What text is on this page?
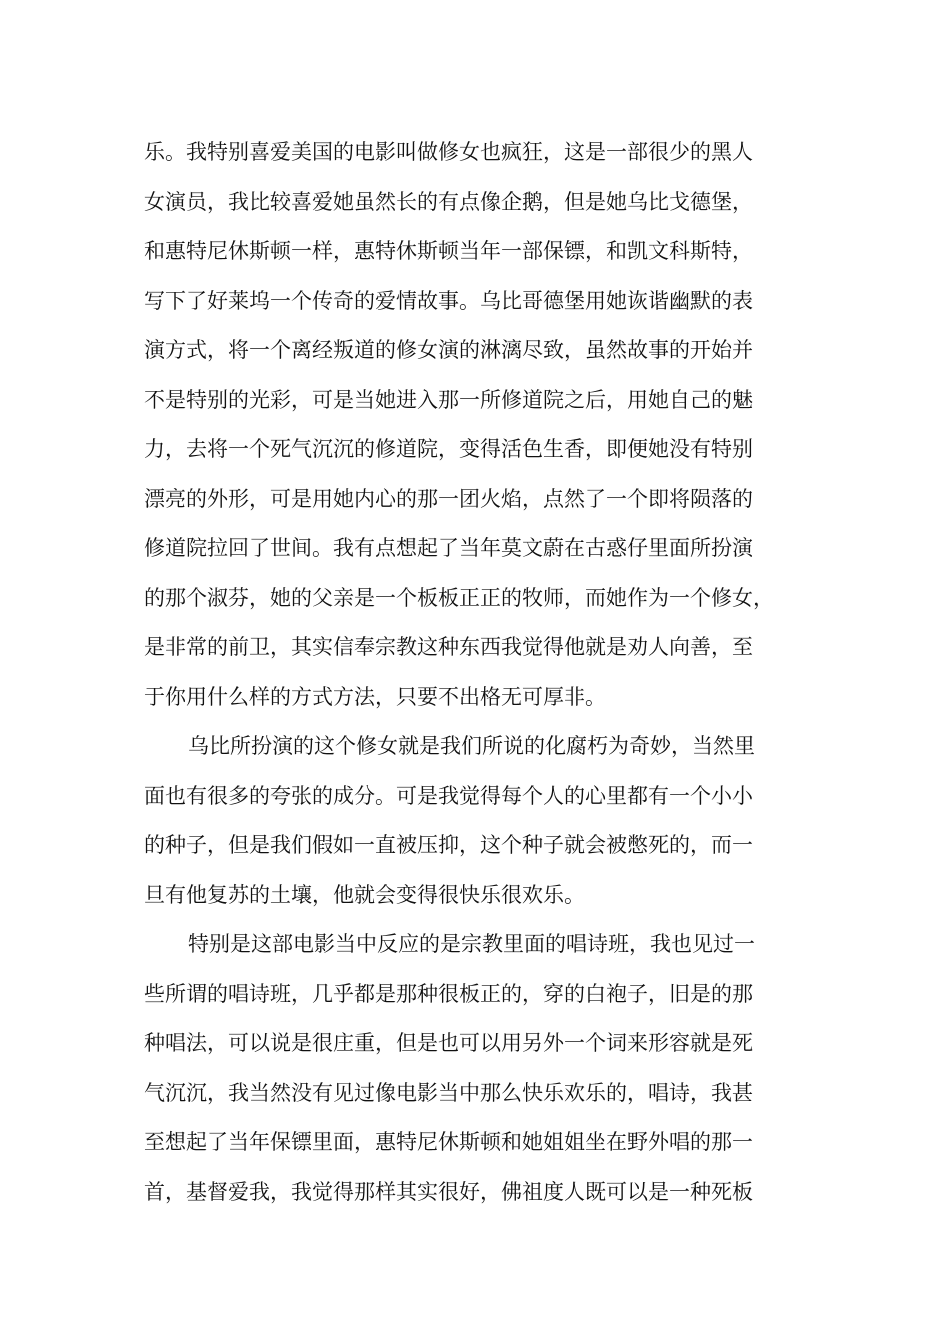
乐。我特别喜爱美国的电影叫做修女也疯狂，这是一部很少的黑人
女演员，我比较喜爱她虽然长的有点像企鹅，但是她乌比戈德堡，
和惠特尼休斯顿一样，惠特休斯顿当年一部保镖，和凯文科斯特，
写下了好莱坞一个传奇的爱情故事。乌比哥德堡用她诙谐幽默的表
演方式，将一个离经叛道的修女演的淋漓尽致，虽然故事的开始并
不是特别的光彩，可是当她进入那一所修道院之后，用她自己的魅
力，去将一个死气沉沉的修道院，变得活色生香，即便她没有特别
漂亮的外形，可是用她内心的那一团火焰，点然了一个即将陨落的
修道院拉回了世间。我有点想起了当年莫文蔚在古惑仔里面所扮演
的那个淑芬，她的父亲是一个板板正正的牧师，而她作为一个修女，
是非常的前卫，其实信奉宗教这种东西我觉得他就是劝人向善，至
于你用什么样的方式方法，只要不出格无可厚非。
乌比所扮演的这个修女就是我们所说的化腐朽为奇妙，当然里
面也有很多的夸张的成分。可是我觉得每个人的心里都有一个小小
的种子，但是我们假如一直被压抑，这个种子就会被憋死的，而一
旦有他复苏的土壤，他就会变得很快乐很欢乐。
特别是这部电影当中反应的是宗教里面的唱诗班，我也见过一
些所谓的唱诗班，几乎都是那种很板正的，穿的白袍子，旧是的那
种唱法，可以说是很庄重，但是也可以用另外一个词来形容就是死
气沉沉，我当然没有见过像电影当中那么快乐欢乐的，唱诗，我甚
至想起了当年保镖里面，惠特尼休斯顿和她姐姐坐在野外唱的那一
首，基督爱我，我觉得那样其实很好，佛祖度人既可以是一种死板
